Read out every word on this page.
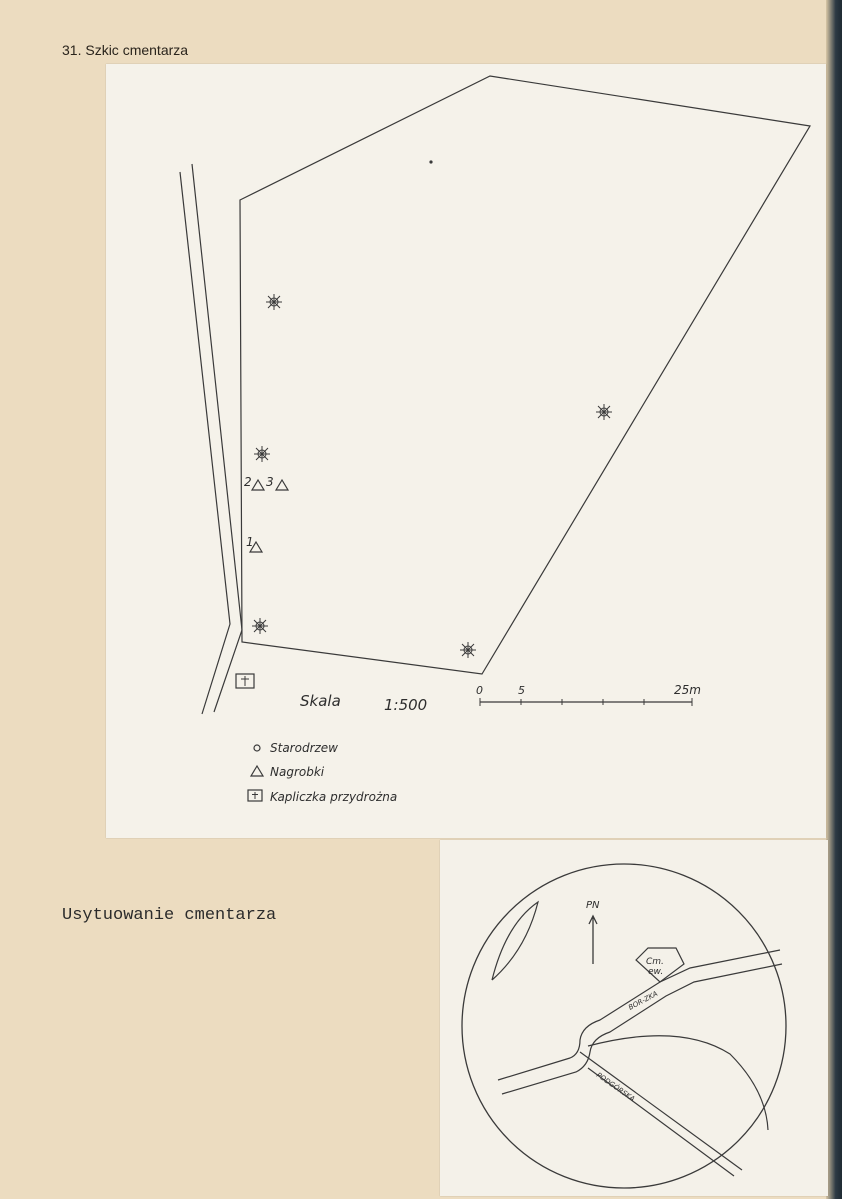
31. Szkic cmentarza
2 3
1
Skala	1:500
0	5	25m
Starodrzew
Nagrobki
Kapliczka przydrożna
Usytuowanie cmentarza
PN
Cm.
ew.
BOR-ZKA
PODGÓRSKA
